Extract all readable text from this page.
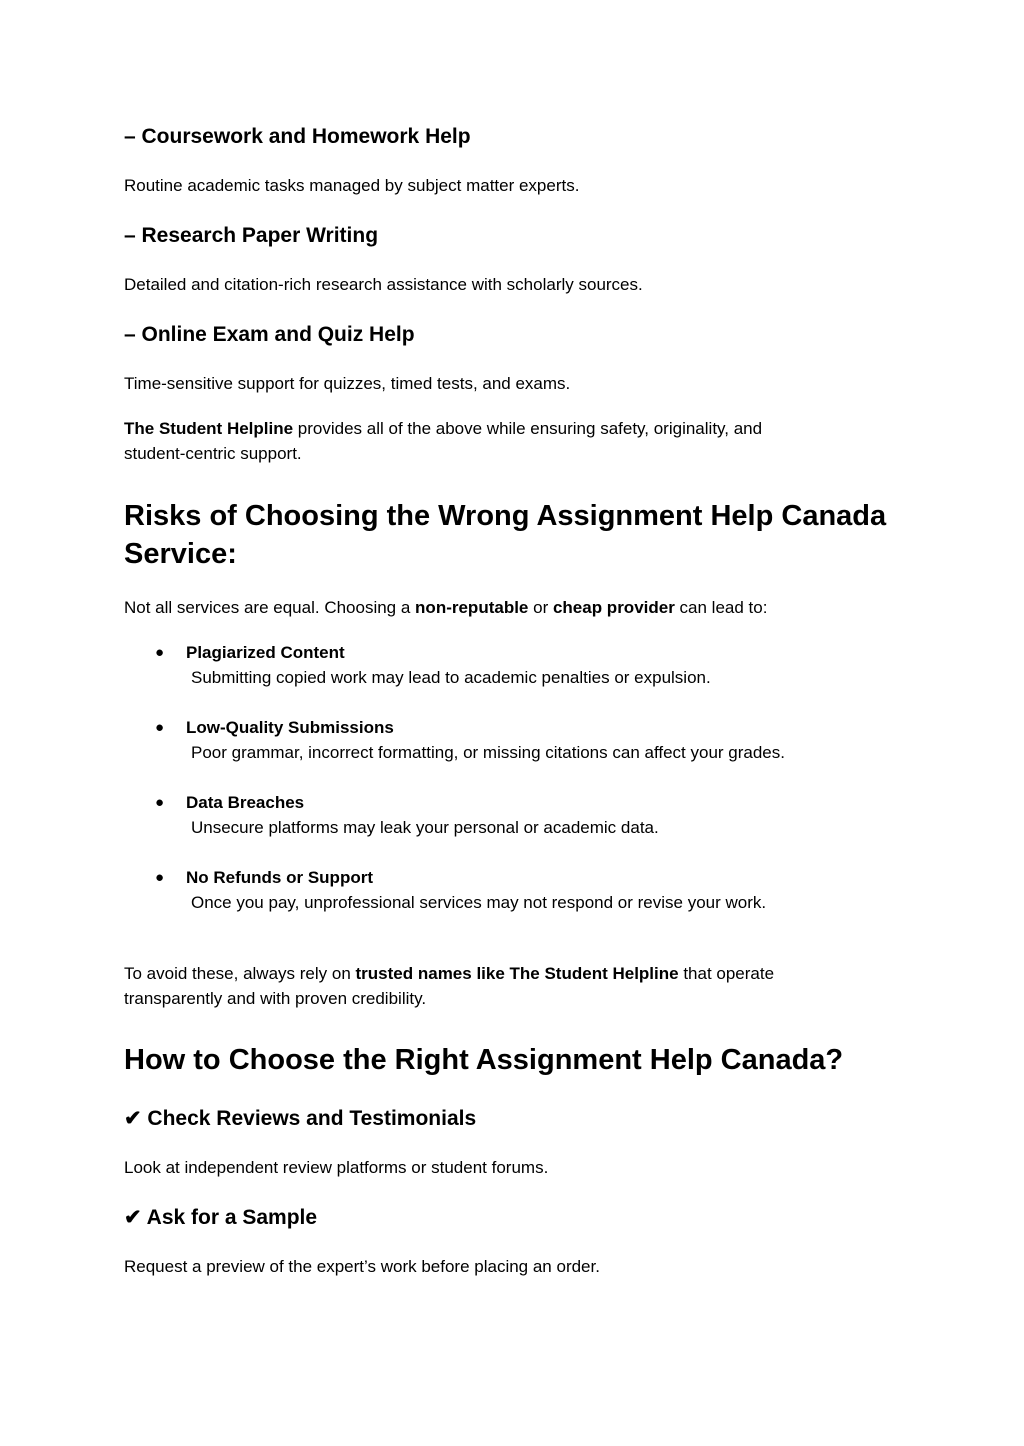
– Coursework and Homework Help
Routine academic tasks managed by subject matter experts.
– Research Paper Writing
Detailed and citation-rich research assistance with scholarly sources.
– Online Exam and Quiz Help
Time-sensitive support for quizzes, timed tests, and exams.
The Student Helpline provides all of the above while ensuring safety, originality, and
student-centric support.
Risks of Choosing the Wrong Assignment Help Canada
Service:
Not all services are equal. Choosing a non-reputable or cheap provider can lead to:
● Plagiarized Content
Submitting copied work may lead to academic penalties or expulsion.
● Low-Quality Submissions
Poor grammar, incorrect formatting, or missing citations can affect your grades.
● Data Breaches
Unsecure platforms may leak your personal or academic data.
● No Refunds or Support
Once you pay, unprofessional services may not respond or revise your work.
To avoid these, always rely on trusted names like The Student Helpline that operate
transparently and with proven credibility.
How to Choose the Right Assignment Help Canada?
✔ Check Reviews and Testimonials
Look at independent review platforms or student forums.
✔ Ask for a Sample
Request a preview of the expert’s work before placing an order.
